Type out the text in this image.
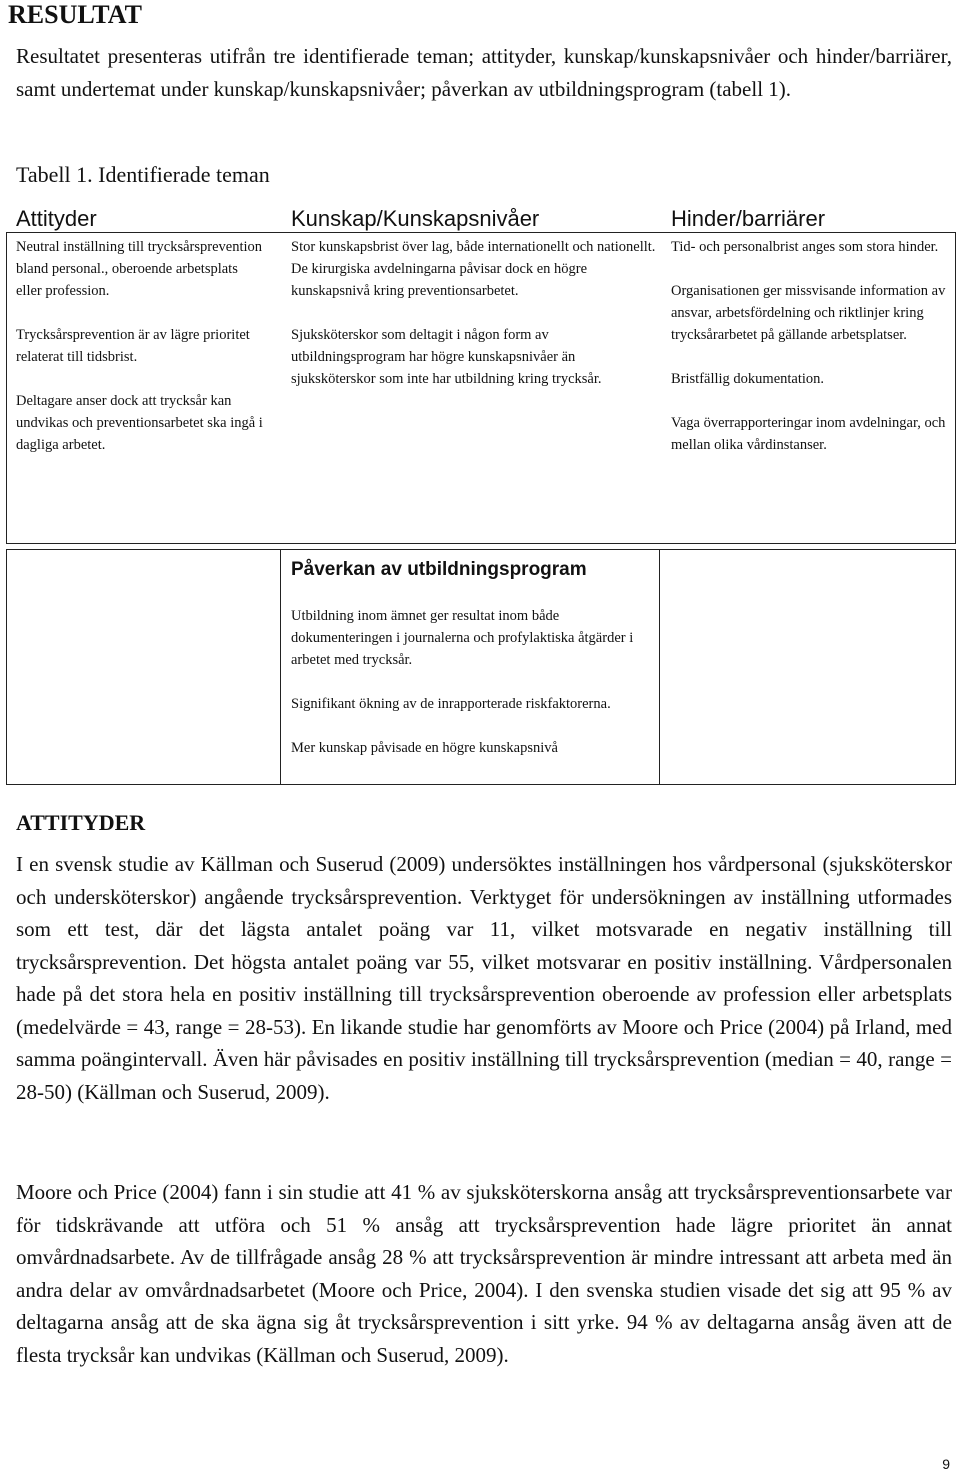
RESULTAT

Resultatet presenteras utifrån tre identifierade teman; attityder, kunskap/kunskapsnivåer och hinder/barriärer, samt undertemat under kunskap/kunskapsnivåer; påverkan av utbildningsprogram (tabell 1).

Tabell 1. Identifierade teman

Attityder	Kunskap/Kunskapsnivåer	Hinder/barriärer

Neutral inställning till trycksårsprevention bland personal., oberoende arbetsplats eller profession.

Trycksårsprevention är av lägre prioritet relaterat till tidsbrist.

Deltagare anser dock att trycksår kan undvikas och preventionsarbetet ska ingå i dagliga arbetet.

Stor kunskapsbrist över lag, både internationellt och nationellt. De kirurgiska avdelningarna påvisar dock en högre kunskapsnivå kring preventionsarbetet.

Sjuksköterskor som deltagit i någon form av utbildningsprogram har högre kunskapsnivåer än sjuksköterskor som inte har utbildning kring trycksår.

Tid- och personalbrist anges som stora hinder.

Organisationen ger missvisande information av ansvar, arbetsfördelning och riktlinjer kring trycksårarbetet på gällande arbetsplatser.

Bristfällig dokumentation.

Vaga överrapporteringar inom avdelningar, och mellan olika vårdinstanser.

Påverkan av utbildningsprogram

Utbildning inom ämnet ger resultat inom både dokumenteringen i journalerna och profylaktiska åtgärder i arbetet med trycksår.

Signifikant ökning av de inrapporterade riskfaktorerna.

Mer kunskap påvisade en högre kunskapsnivå

ATTITYDER

I en svensk studie av Källman och Suserud (2009) undersöktes inställningen hos vårdpersonal (sjuksköterskor och undersköterskor) angående trycksårsprevention. Verktyget för undersökningen av inställning utformades som ett test, där det lägsta antalet poäng var 11, vilket motsvarade en negativ inställning till trycksårsprevention. Det högsta antalet poäng var 55, vilket motsvarar en positiv inställning. Vårdpersonalen hade på det stora hela en positiv inställning till trycksårsprevention oberoende av profession eller arbetsplats (medelvärde = 43, range = 28-53). En likande studie har genomförts av Moore och Price (2004) på Irland, med samma poängintervall. Även här påvisades en positiv inställning till trycksårsprevention (median = 40, range = 28-50) (Källman och Suserud, 2009).

Moore och Price (2004) fann i sin studie att 41 % av sjuksköterskorna ansåg att trycksårspreventionsarbete var för tidskrävande att utföra och 51 % ansåg att trycksårsprevention hade lägre prioritet än annat omvårdnadsarbete. Av de tillfrågade ansåg 28 % att trycksårsprevention är mindre intressant att arbeta med än andra delar av omvårdnadsarbetet (Moore och Price, 2004). I den svenska studien visade det sig att 95 % av deltagarna ansåg att de ska ägna sig åt trycksårsprevention i sitt yrke. 94 % av deltagarna ansåg även att de flesta trycksår kan undvikas (Källman och Suserud, 2009).

9
